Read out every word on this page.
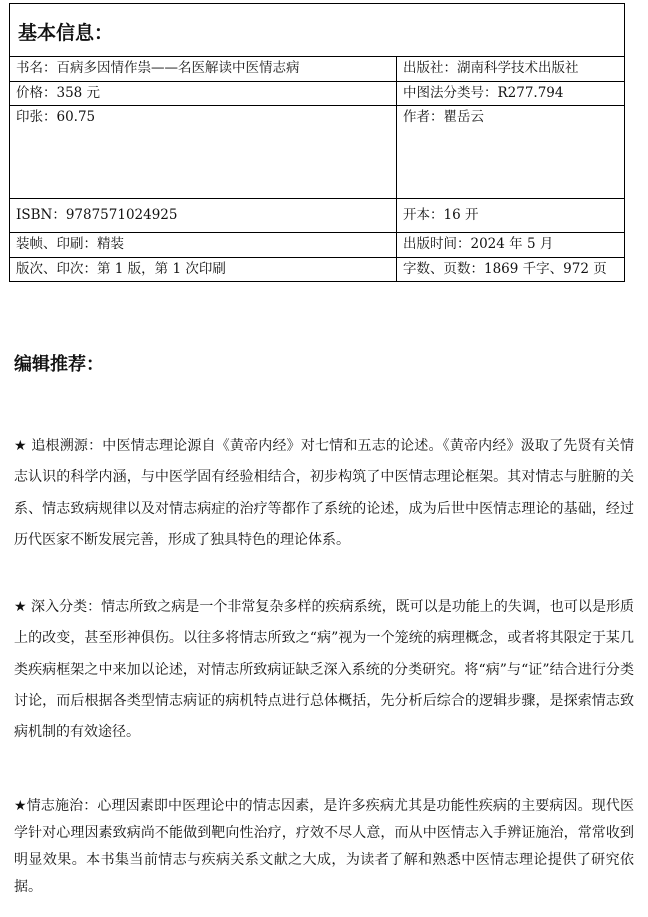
基本信息：
书名：百病多因情作祟——名医解读中医情志病	出版社：湖南科学技术出版社
价格：358 元	中图法分类号：R277.794
印张：60.75	作者：瞿岳云
ISBN：9787571024925	开本：16 开
装帧、印刷：精装	出版时间：2024 年 5 月
版次、印次：第 1 版，第 1 次印刷	字数、页数：1869 千字、972 页
编辑推荐：

★ 追根溯源：中医情志理论源自《黄帝内经》对七情和五志的论述。《黄帝内经》汲取了先贤有关情志认识的科学内涵，与中医学固有经验相结合，初步构筑了中医情志理论框架。其对情志与脏腑的关系、情志致病规律以及对情志病症的治疗等都作了系统的论述，成为后世中医情志理论的基础，经过历代医家不断发展完善，形成了独具特色的理论体系。

★ 深入分类：情志所致之病是一个非常复杂多样的疾病系统，既可以是功能上的失调，也可以是形质上的改变，甚至形神俱伤。以往多将情志所致之“病”视为一个笼统的病理概念，或者将其限定于某几类疾病框架之中来加以论述，对情志所致病证缺乏深入系统的分类研究。将“病”与“证”结合进行分类讨论，而后根据各类型情志病证的病机特点进行总体概括，先分析后综合的逻辑步骤，是探索情志致病机制的有效途径。

★情志施治：心理因素即中医理论中的情志因素，是许多疾病尤其是功能性疾病的主要病因。现代医学针对心理因素致病尚不能做到靶向性治疗，疗效不尽人意，而从中医情志入手辨证施治，常常收到明显效果。本书集当前情志与疾病关系文献之大成，为读者了解和熟悉中医情志理论提供了研究依据。
